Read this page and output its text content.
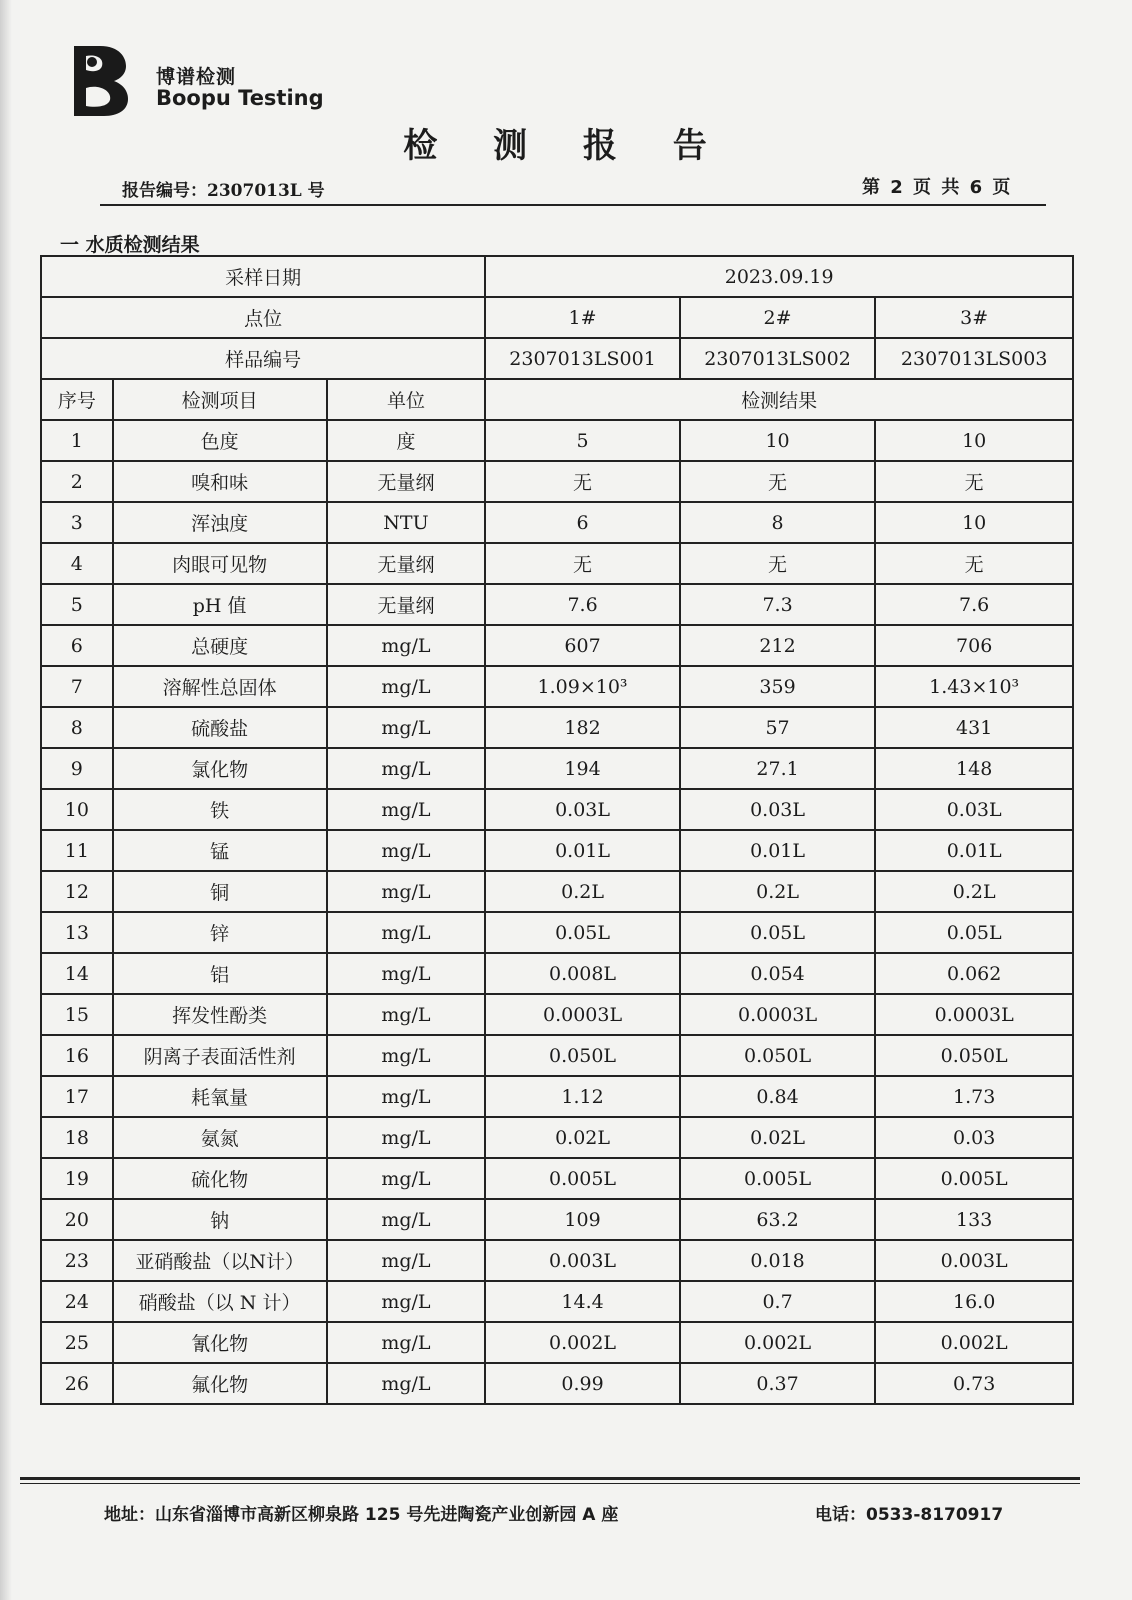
博谱检测
Boopu Testing
检 测 报 告
报告编号：2307013L 号	第 2 页 共 6 页
一 水质检测结果
采样日期			2023.09.19		
点位			1#	2#	3#
样品编号			2307013LS001	2307013LS002	2307013LS003
序号	检测项目	单位	检测结果		
1	色度	度	5	10	10
2	嗅和味	无量纲	无	无	无
3	浑浊度	NTU	6	8	10
4	肉眼可见物	无量纲	无	无	无
5	pH 值	无量纲	7.6	7.3	7.6
6	总硬度	mg/L	607	212	706
7	溶解性总固体	mg/L	1.09×10³	359	1.43×10³
8	硫酸盐	mg/L	182	57	431
9	氯化物	mg/L	194	27.1	148
10	铁	mg/L	0.03L	0.03L	0.03L
11	锰	mg/L	0.01L	0.01L	0.01L
12	铜	mg/L	0.2L	0.2L	0.2L
13	锌	mg/L	0.05L	0.05L	0.05L
14	铝	mg/L	0.008L	0.054	0.062
15	挥发性酚类	mg/L	0.0003L	0.0003L	0.0003L
16	阴离子表面活性剂	mg/L	0.050L	0.050L	0.050L
17	耗氧量	mg/L	1.12	0.84	1.73
18	氨氮	mg/L	0.02L	0.02L	0.03
19	硫化物	mg/L	0.005L	0.005L	0.005L
20	钠	mg/L	109	63.2	133
23	亚硝酸盐（以N计）	mg/L	0.003L	0.018	0.003L
24	硝酸盐（以 N 计）	mg/L	14.4	0.7	16.0
25	氰化物	mg/L	0.002L	0.002L	0.002L
26	氟化物	mg/L	0.99	0.37	0.73
地址：山东省淄博市高新区柳泉路 125 号先进陶瓷产业创新园 A 座	电话：0533-8170917
